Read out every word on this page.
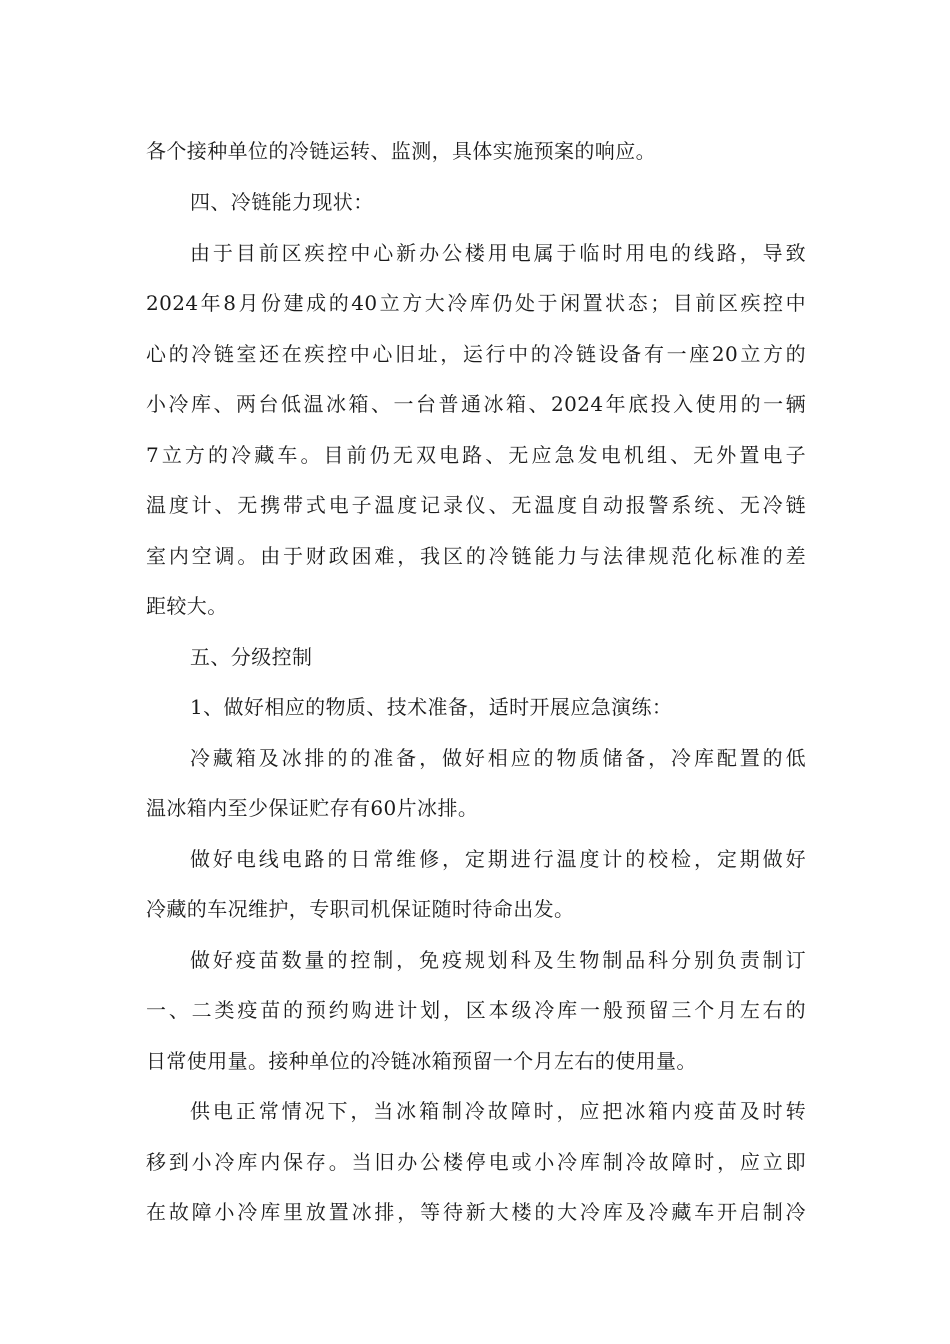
各个接种单位的冷链运转、监测，具体实施预案的响应。
四、冷链能力现状：
由于目前区疾控中心新办公楼用电属于临时用电的线路，导致
2024年8月份建成的40立方大冷库仍处于闲置状态；目前区疾控中
心的冷链室还在疾控中心旧址，运行中的冷链设备有一座20立方的
小冷库、两台低温冰箱、一台普通冰箱、2024年底投入使用的一辆
7立方的冷藏车。目前仍无双电路、无应急发电机组、无外置电子
温度计、无携带式电子温度记录仪、无温度自动报警系统、无冷链
室内空调。由于财政困难，我区的冷链能力与法律规范化标准的差
距较大。
五、分级控制
1、做好相应的物质、技术准备，适时开展应急演练：
冷藏箱及冰排的的准备，做好相应的物质储备，冷库配置的低
温冰箱内至少保证贮存有60片冰排。
做好电线电路的日常维修，定期进行温度计的校检，定期做好
冷藏的车况维护，专职司机保证随时待命出发。
做好疫苗数量的控制，免疫规划科及生物制品科分别负责制订
一、二类疫苗的预约购进计划，区本级冷库一般预留三个月左右的
日常使用量。接种单位的冷链冰箱预留一个月左右的使用量。
供电正常情况下，当冰箱制冷故障时，应把冰箱内疫苗及时转
移到小冷库内保存。当旧办公楼停电或小冷库制冷故障时，应立即
在故障小冷库里放置冰排，等待新大楼的大冷库及冷藏车开启制冷
